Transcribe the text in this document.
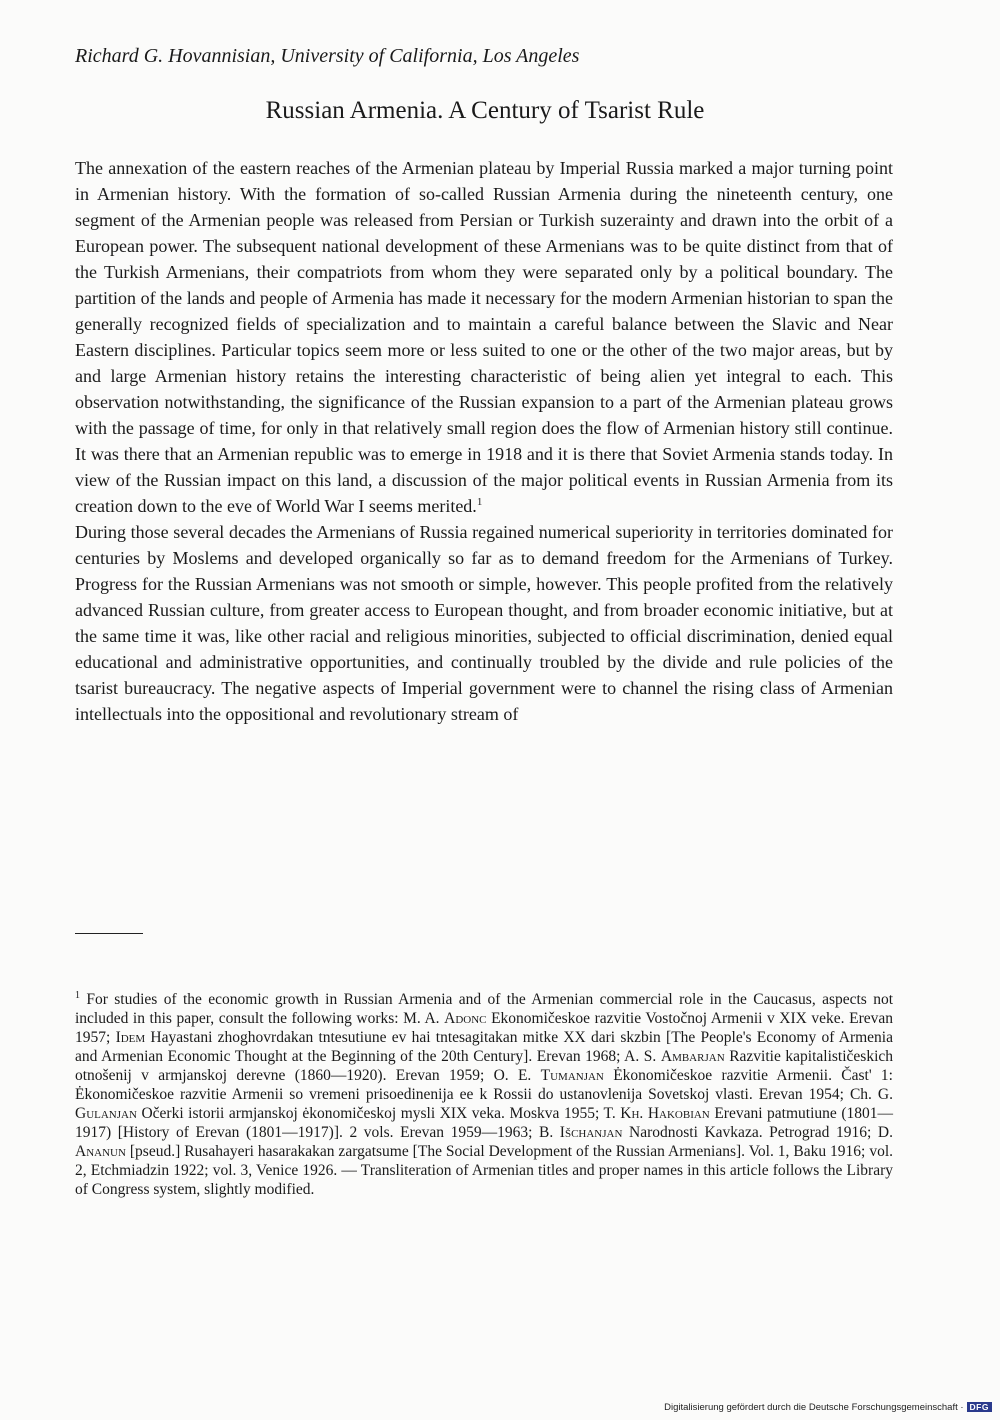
Richard G. Hovannisian, University of California, Los Angeles

Russian Armenia. A Century of Tsarist Rule

The annexation of the eastern reaches of the Armenian plateau by Imperial Russia marked a major turning point in Armenian history. With the formation of so-called Russian Armenia during the nineteenth century, one segment of the Armenian people was released from Persian or Turkish suzerainty and drawn into the orbit of a European power. The subsequent national development of these Armenians was to be quite distinct from that of the Turkish Armenians, their compatriots from whom they were separated only by a political boundary. The partition of the lands and people of Armenia has made it necessary for the modern Armenian historian to span the generally recognized fields of specialization and to maintain a careful balance between the Slavic and Near Eastern disciplines. Particular topics seem more or less suited to one or the other of the two major areas, but by and large Armenian history retains the interesting characteristic of being alien yet integral to each. This observation notwithstanding, the significance of the Russian expansion to a part of the Armenian plateau grows with the passage of time, for only in that relatively small region does the flow of Armenian history still continue. It was there that an Armenian republic was to emerge in 1918 and it is there that Soviet Armenia stands today. In view of the Russian impact on this land, a discussion of the major political events in Russian Armenia from its creation down to the eve of World War I seems merited.$^1$

During those several decades the Armenians of Russia regained numerical superiority in territories dominated for centuries by Moslems and developed organically so far as to demand freedom for the Armenians of Turkey. Progress for the Russian Armenians was not smooth or simple, however. This people profited from the relatively advanced Russian culture, from greater access to European thought, and from broader economic initiative, but at the same time it was, like other racial and religious minorities, subjected to official discrimination, denied equal educational and administrative opportunities, and continually troubled by the divide and rule policies of the tsarist bureaucracy. The negative aspects of Imperial government were to channel the rising class of Armenian intellectuals into the oppositional and revolutionary stream of

$^1$ For studies of the economic growth in Russian Armenia and of the Armenian commercial role in the Caucasus, aspects not included in this paper, consult the following works: M. A. Adonc Ekonomičeskoe razvitie Vostočnoj Armenii v XIX veke. Erevan 1957; Idem Hayastani zhoghovrdakan tntesutiune ev hai tntesagitakan mitke XX dari skzbin [The People's Economy of Armenia and Armenian Economic Thought at the Beginning of the 20th Century]. Erevan 1968; A. S. Ambarjan Razvitie kapitalističeskich otnošenij v armjanskoj derevne (1860—1920). Erevan 1959; O. E. Tumanjan Ėkonomičeskoe razvitie Armenii. Čast' 1: Ėkonomičeskoe razvitie Armenii so vremeni prisoedinenija ee k Rossii do ustanovlenija Sovetskoj vlasti. Erevan 1954; Ch. G. Gulanjan Očerki istorii armjanskoj ėkonomičeskoj mysli XIX veka. Moskva 1955; T. Kh. Hakobian Erevani patmutiune (1801—1917) [History of Erevan (1801—1917)]. 2 vols. Erevan 1959—1963; B. Išchanjan Narodnosti Kavkaza. Petrograd 1916; D. Ananun [pseud.] Rusahayeri hasarakakan zargatsume [The Social Development of the Russian Armenians]. Vol. 1, Baku 1916; vol. 2, Etchmiadzin 1922; vol. 3, Venice 1926. — Transliteration of Armenian titles and proper names in this article follows the Library of Congress system, slightly modified.

Digitalisierung gefördert durch die Deutsche Forschungsgemeinschaft · DFG
